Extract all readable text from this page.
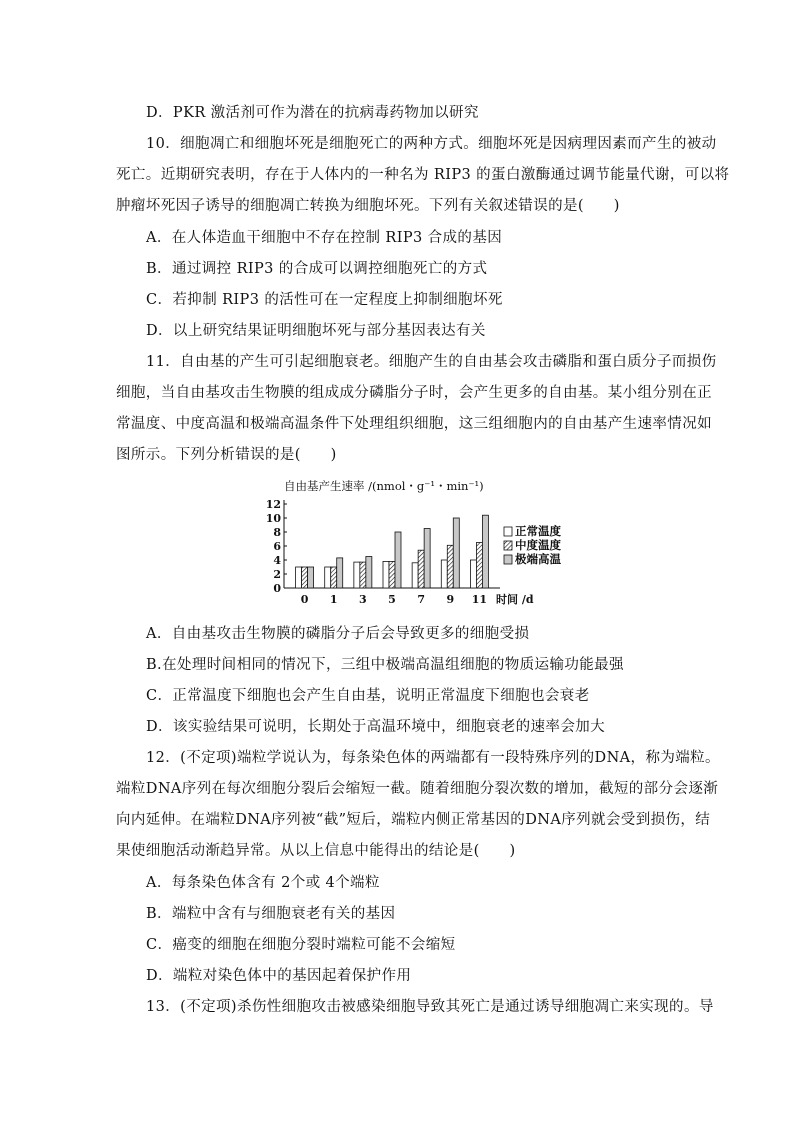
D．PKR 激活剂可作为潜在的抗病毒药物加以研究
10．细胞凋亡和细胞坏死是细胞死亡的两种方式。细胞坏死是因病理因素而产生的被动
死亡。近期研究表明，存在于人体内的一种名为 RIP3 的蛋白激酶通过调节能量代谢，可以将
肿瘤坏死因子诱导的细胞凋亡转换为细胞坏死。下列有关叙述错误的是(　　)
A．在人体造血干细胞中不存在控制 RIP3 合成的基因
B．通过调控 RIP3 的合成可以调控细胞死亡的方式
C．若抑制 RIP3 的活性可在一定程度上抑制细胞坏死
D．以上研究结果证明细胞坏死与部分基因表达有关
11．自由基的产生可引起细胞衰老。细胞产生的自由基会攻击磷脂和蛋白质分子而损伤
细胞，当自由基攻击生物膜的组成成分磷脂分子时，会产生更多的自由基。某小组分别在正
常温度、中度高温和极端高温条件下处理组织细胞，这三组细胞内的自由基产生速率情况如
图所示。下列分析错误的是(　　)
自由基产生速率 /(nmol・g⁻¹・min⁻¹)
0
2
4
6
8
10
12
0 1 3 5 7 9 11 时间 /d
正常温度
中度温度
极端高温
A．自由基攻击生物膜的磷脂分子后会导致更多的细胞受损
B.在处理时间相同的情况下，三组中极端高温组细胞的物质运输功能最强
C．正常温度下细胞也会产生自由基，说明正常温度下细胞也会衰老
D．该实验结果可说明，长期处于高温环境中，细胞衰老的速率会加大
12．(不定项)端粒学说认为，每条染色体的两端都有一段特殊序列的DNA，称为端粒。
端粒DNA序列在每次细胞分裂后会缩短一截。随着细胞分裂次数的增加，截短的部分会逐渐
向内延伸。在端粒DNA序列被“截”短后，端粒内侧正常基因的DNA序列就会受到损伤，结
果使细胞活动渐趋异常。从以上信息中能得出的结论是(　　)
A．每条染色体含有 2个或 4个端粒
B．端粒中含有与细胞衰老有关的基因
C．癌变的细胞在细胞分裂时端粒可能不会缩短
D．端粒对染色体中的基因起着保护作用
13．(不定项)杀伤性细胞攻击被感染细胞导致其死亡是通过诱导细胞凋亡来实现的。导
